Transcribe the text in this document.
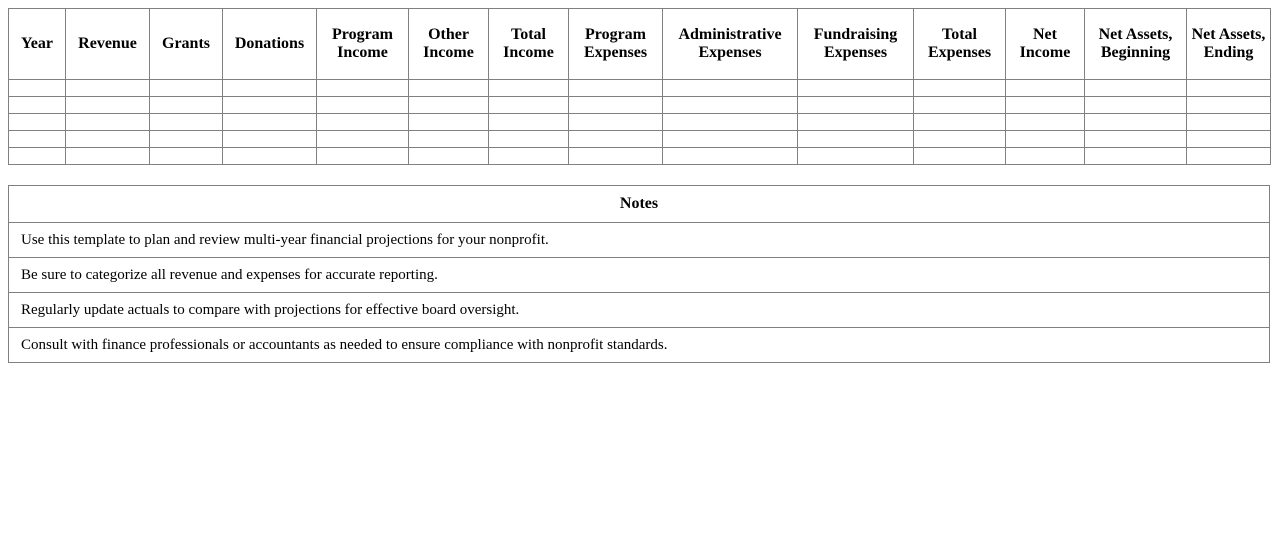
Year	Revenue	Grants	Donations	Program Income	Other Income	Total Income	Program Expenses	Administrative Expenses	Fundraising Expenses	Total Expenses	Net Income	Net Assets, Beginning	Net Assets, Ending

Notes
Use this template to plan and review multi-year financial projections for your nonprofit.
Be sure to categorize all revenue and expenses for accurate reporting.
Regularly update actuals to compare with projections for effective board oversight.
Consult with finance professionals or accountants as needed to ensure compliance with nonprofit standards.
